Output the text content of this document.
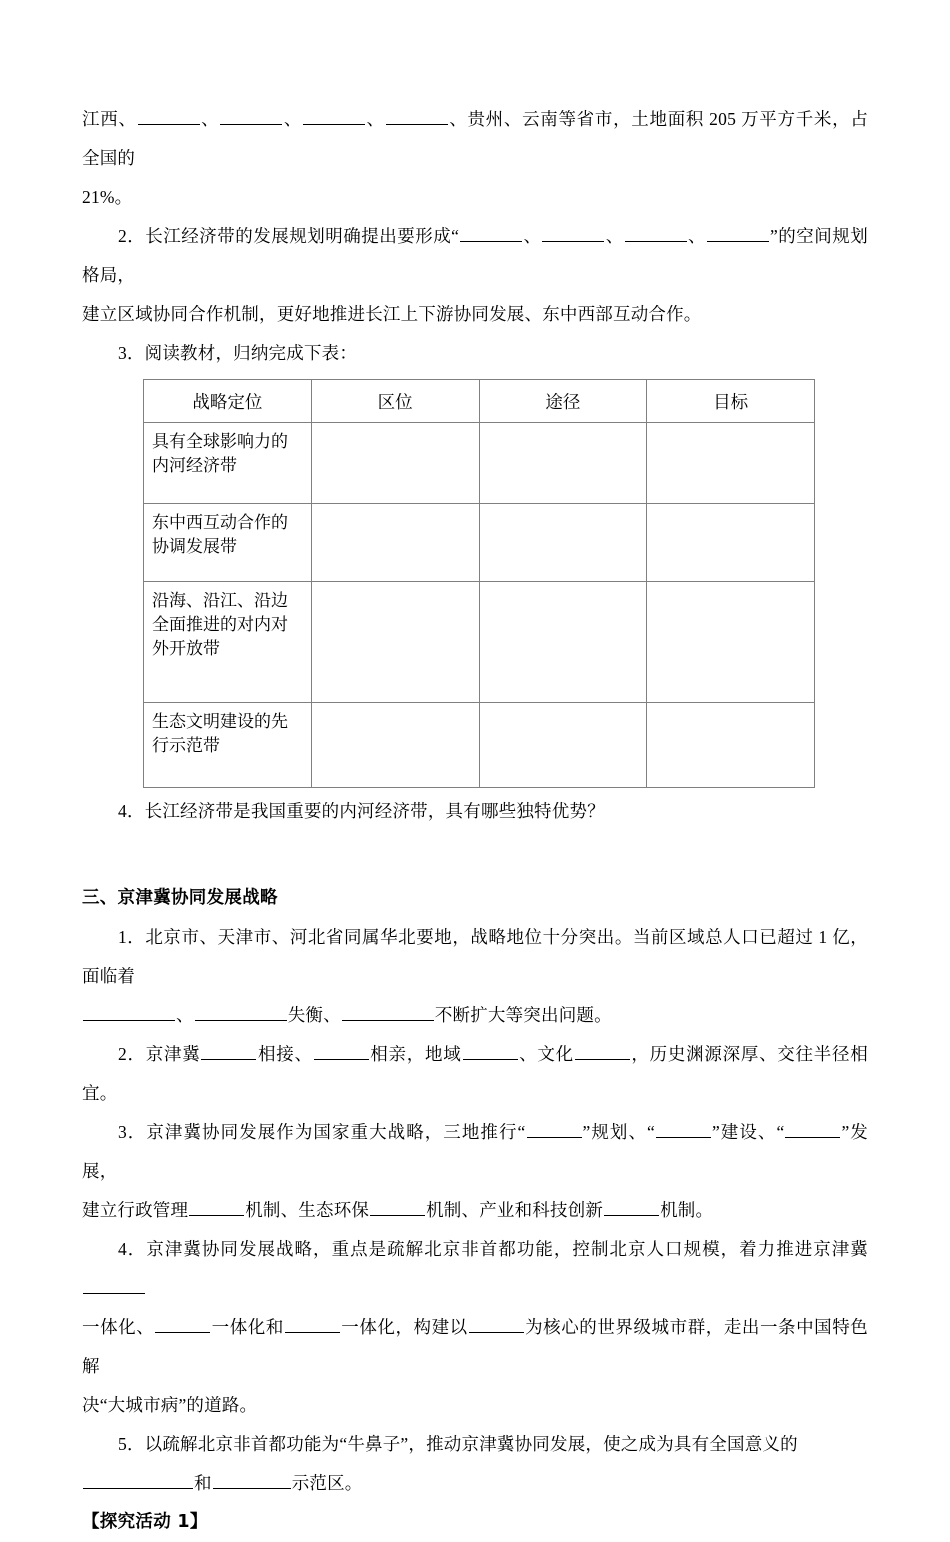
江西、	、	、	、	、贵州、云南等省市，土地面积 205 万平方千米，占全国的

21%。

2．长江经济带的发展规划明确提出要形成“	、	、	、	”的空间规划格局，

建立区域协同合作机制，更好地推进长江上下游协同发展、东中西部互动合作。

3．阅读教材，归纳完成下表：

战略定位	区位	途径	目标

具有全球影响力的内河经济带			

东中西互动合作的协调发展带			

沿海、沿江、沿边全面推进的对内对外开放带			

生态文明建设的先行示范带			

4．长江经济带是我国重要的内河经济带，具有哪些独特优势？

三、京津冀协同发展战略

1．北京市、天津市、河北省同属华北要地，战略地位十分突出。当前区域总人口已超过 1 亿，面临着

、	失衡、	不断扩大等突出问题。

2．京津冀	相接、	相亲，地域	、文化	，历史渊源深厚、交往半径相宜。

3．京津冀协同发展作为国家重大战略，三地推行“	”规划、“	”建设、“	”发展，

建立行政管理	机制、生态环保	机制、产业和科技创新	机制。

4．京津冀协同发展战略，重点是疏解北京非首都功能，控制北京人口规模，着力推进京津冀

一体化、	一体化和	一体化，构建以	为核心的世界级城市群，走出一条中国特色解

决“大城市病”的道路。

5．以疏解北京非首都功能为“牛鼻子”，推动京津冀协同发展，使之成为具有全国意义的

和	示范区。

【探究活动 1】
